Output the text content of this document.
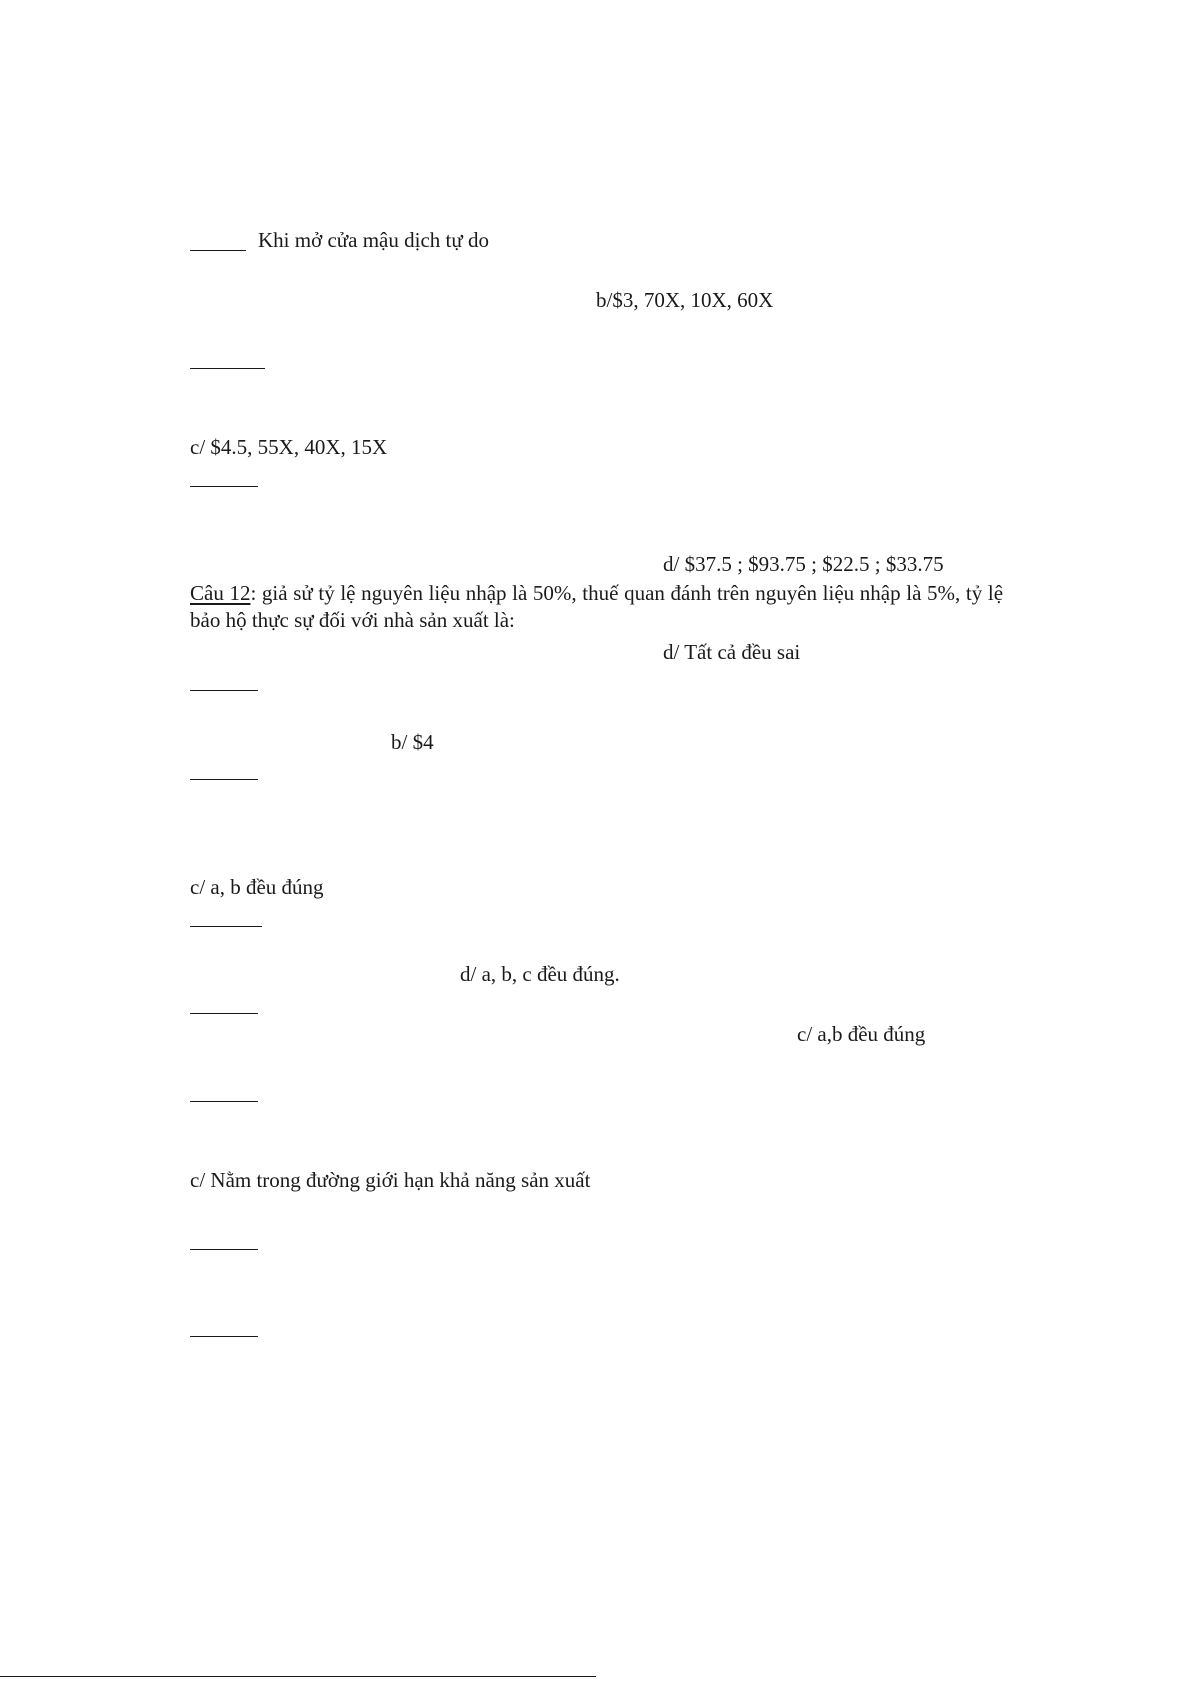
Khi mở cửa mậu dịch tự do
b/$3, 70X, 10X, 60X
c/ $4.5, 55X, 40X, 15X
d/ $37.5 ; $93.75 ; $22.5 ; $33.75
Câu 12: giả sử tỷ lệ nguyên liệu nhập là 50%, thuế quan đánh trên nguyên liệu nhập là 5%, tỷ lệ bảo hộ thực sự đối với nhà sản xuất là:
d/ Tất cả đều sai
b/ $4
c/ a, b đều đúng
d/ a, b, c đều đúng.
c/ a,b đều đúng
c/ Nằm trong đường giới hạn khả năng sản xuất
